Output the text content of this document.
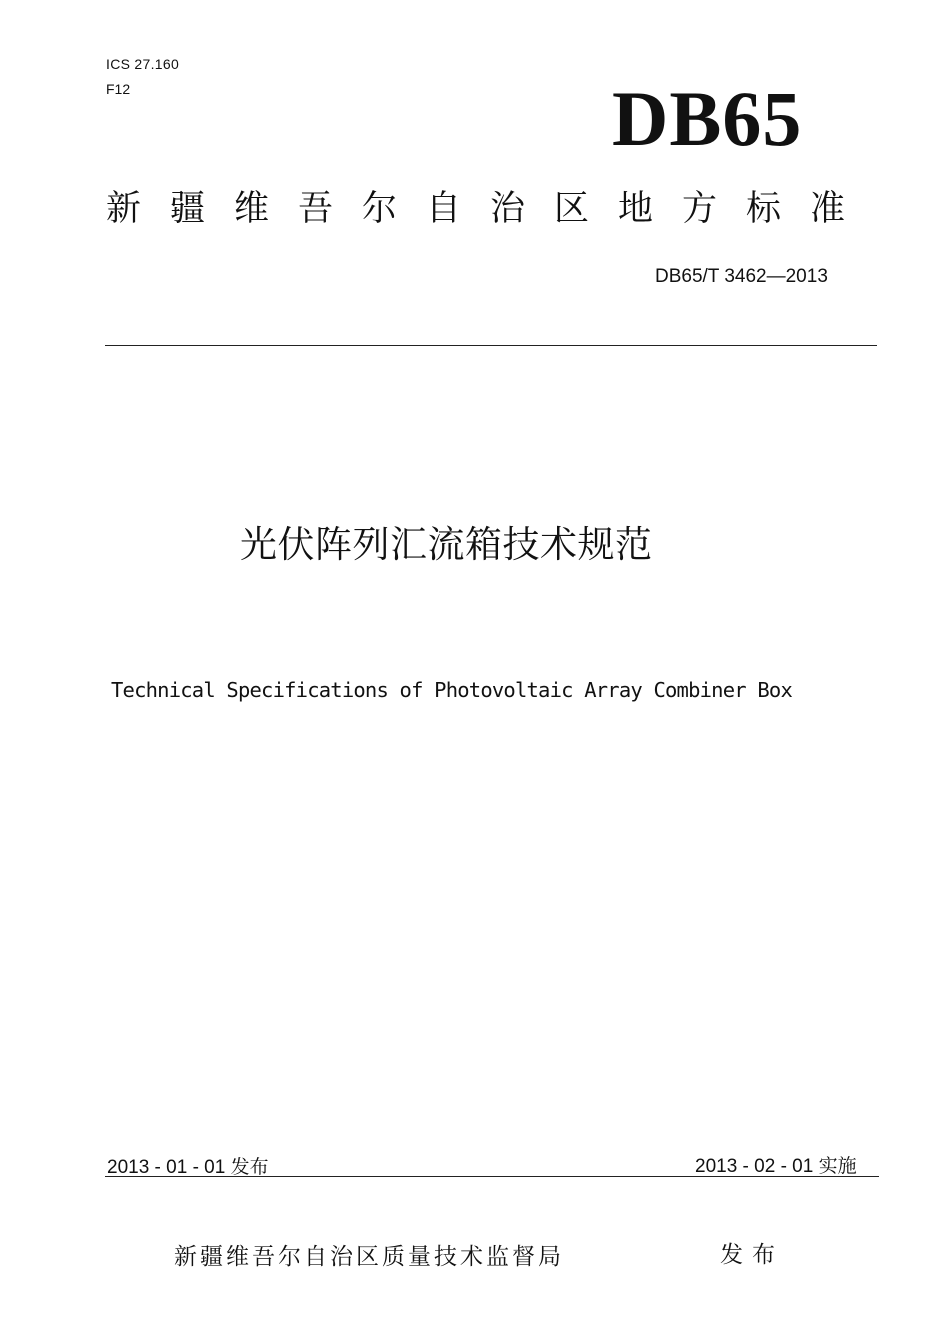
ICS 27.160
F12	DB65
新疆维吾尔自治区地方标准
DB65/T 3462—2013
光伏阵列汇流箱技术规范
Technical Specifications of Photovoltaic Array Combiner Box
2013 - 01 - 01 发布	2013 - 02 - 01 实施
新疆维吾尔自治区质量技术监督局	发布
